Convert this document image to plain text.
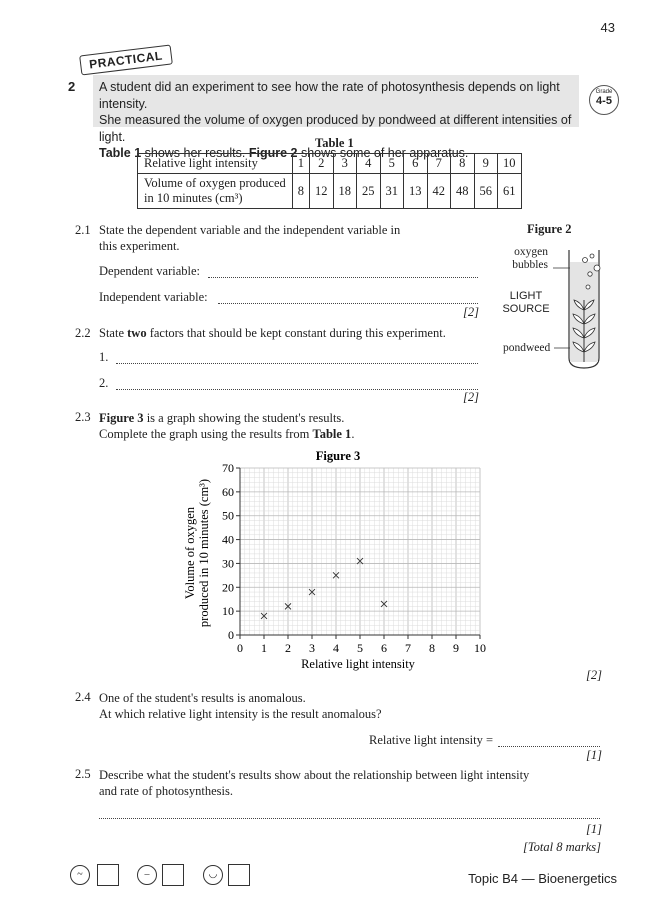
43
PRACTICAL
2 A student did an experiment to see how the rate of photosynthesis depends on light intensity.
She measured the volume of oxygen produced by pondweed at different intensities of light.
Table 1 shows her results. Figure 2 shows some of her apparatus.
Grade
4-5
Table 1
Relative light intensity	1	2	3	4	5	6	7	8	9	10

Volume of oxygen produced
in 10 minutes (cm³)	8	12	18	25	31	13	42	48	56	61
2.1 State the dependent variable and the independent variable in
this experiment.
Dependent variable:
Independent variable:
[2]
Figure 2
oxygen
bubbles
LIGHT
SOURCE
pondweed
2.2 State two factors that should be kept constant during this experiment.
1.
2.
[2]
2.3 Figure 3 is a graph showing the student's results.
Complete the graph using the results from Table 1.
Figure 3
0 1 2 3 4 5 6 7 8 9 10
0
10
20
30
40
50
60
70
Relative light intensity
Volume of oxygen produced in 10 minutes (cm³)
[2]
2.4 One of the student's results is anomalous.
At which relative light intensity is the result anomalous?
Relative light intensity =
[1]
2.5 Describe what the student's results show about the relationship between light intensity
and rate of photosynthesis.
[1]
[Total 8 marks]
~	–	◡	Topic B4 — Bioenergetics
